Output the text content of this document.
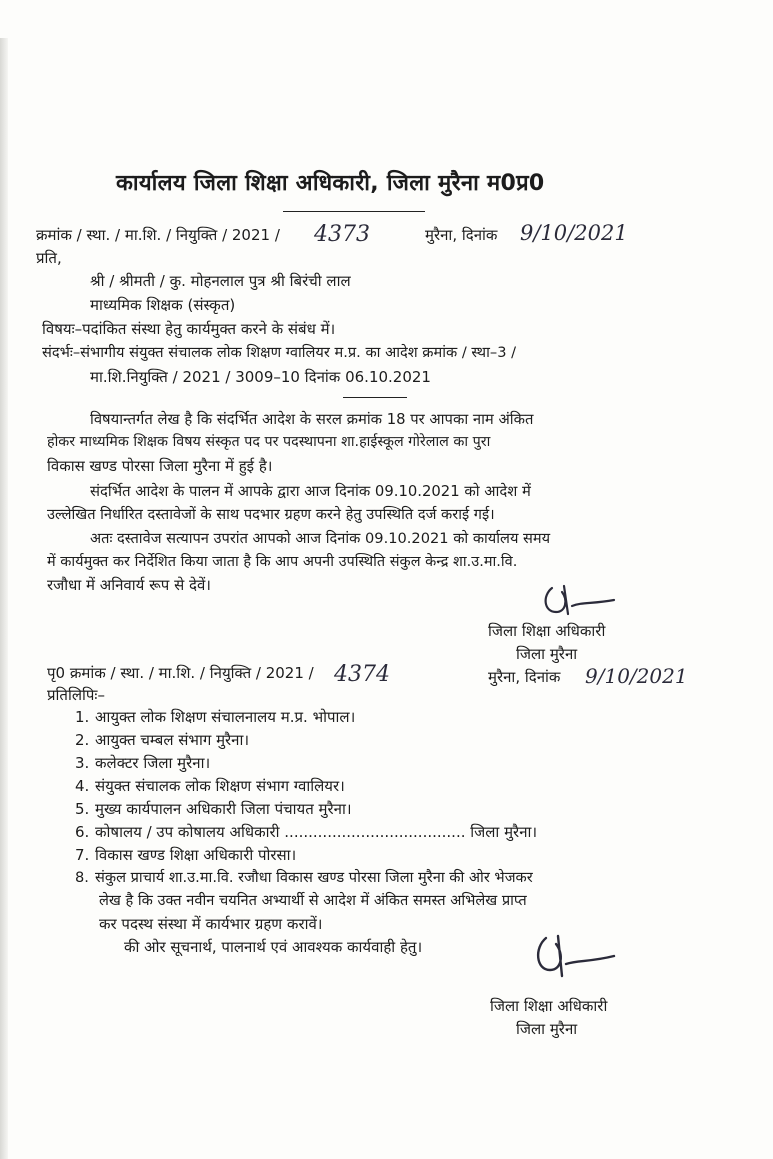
कार्यालय जिला शिक्षा अधिकारी, जिला मुरैना म0प्र0
क्रमांक / स्था. / मा.शि. / नियुक्ति / 2021 / 4373	मुरैना, दिनांक 9/10/2021
प्रति,
श्री / श्रीमती / कु. मोहनलाल पुत्र श्री बिरंची लाल
माध्यमिक शिक्षक (संस्कृत)
विषयः–पदांकित संस्था हेतु कार्यमुक्त करने के संबंध में।
संदर्भः–संभागीय संयुक्त संचालक लोक शिक्षण ग्वालियर म.प्र. का आदेश क्रमांक / स्था–3 /
मा.शि.नियुक्ति / 2021 / 3009–10 दिनांक 06.10.2021
विषयान्तर्गत लेख है कि संदर्भित आदेश के सरल क्रमांक 18 पर आपका नाम अंकित
होकर माध्यमिक शिक्षक विषय संस्कृत पद पर पदस्थापना शा.हाईस्कूल गोरेलाल का पुरा
विकास खण्ड पोरसा जिला मुरैना में हुई है।
संदर्भित आदेश के पालन में आपके द्वारा आज दिनांक 09.10.2021 को आदेश में
उल्लेखित निर्धारित दस्तावेजों के साथ पदभार ग्रहण करने हेतु उपस्थिति दर्ज कराई गई।
अतः दस्तावेज सत्यापन उपरांत आपको आज दिनांक 09.10.2021 को कार्यालय समय
में कार्यमुक्त कर निर्देशित किया जाता है कि आप अपनी उपस्थिति संकुल केन्द्र शा.उ.मा.वि.
रजौधा में अनिवार्य रूप से देवें।
जिला शिक्षा अधिकारी
जिला मुरैना
मुरैना, दिनांक 9/10/2021
पृ0 क्रमांक / स्था. / मा.शि. / नियुक्ति / 2021 / 4374
प्रतिलिपिः–
1. आयुक्त लोक शिक्षण संचालनालय म.प्र. भोपाल।
2. आयुक्त चम्बल संभाग मुरैना।
3. कलेक्टर जिला मुरैना।
4. संयुक्त संचालक लोक शिक्षण संभाग ग्वालियर।
5. मुख्य कार्यपालन अधिकारी जिला पंचायत मुरैना।
6. कोषालय / उप कोषालय अधिकारी ...................................... जिला मुरैना।
7. विकास खण्ड शिक्षा अधिकारी पोरसा।
8. संकुल प्राचार्य शा.उ.मा.वि. रजौधा विकास खण्ड पोरसा जिला मुरैना की ओर भेजकर
लेख है कि उक्त नवीन चयनित अभ्यार्थी से आदेश में अंकित समस्त अभिलेख प्राप्त
कर पदस्थ संस्था में कार्यभार ग्रहण करावें।
की ओर सूचनार्थ, पालनार्थ एवं आवश्यक कार्यवाही हेतु।
जिला शिक्षा अधिकारी
जिला मुरैना
